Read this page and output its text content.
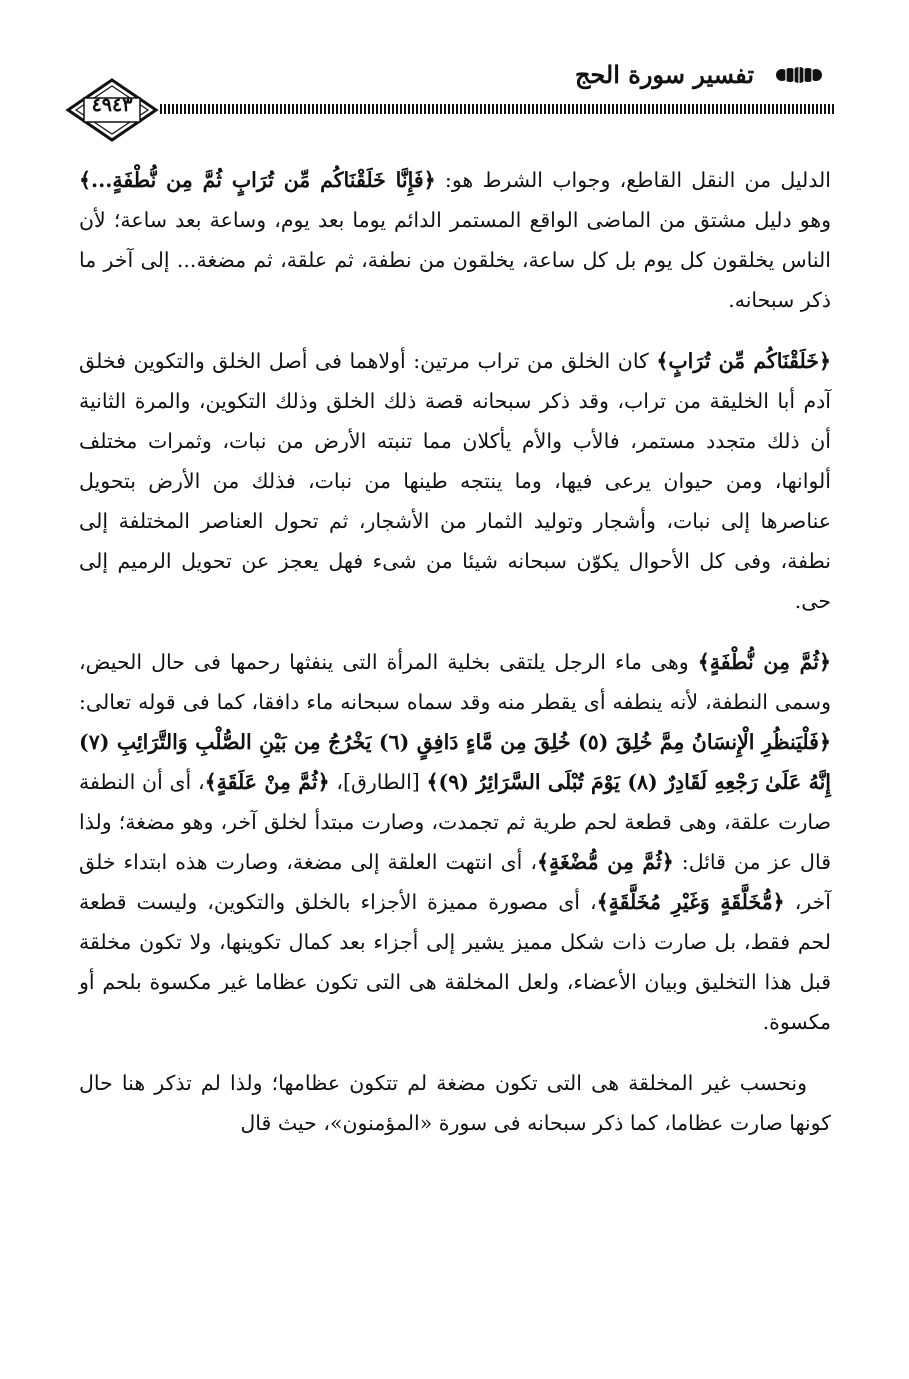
تفسير سورة الحج
٤٩٤٣

الدليل من النقل القاطع، وجواب الشرط هو: ﴿فَإِنَّا خَلَقْنَاكُم مِّن تُرَابٍ ثُمَّ مِن نُّطْفَةٍ...﴾ وهو دليل مشتق من الماضى الواقع المستمر الدائم يوما بعد يوم، وساعة بعد ساعة؛ لأن الناس يخلقون كل يوم بل كل ساعة، يخلقون من نطفة، ثم علقة، ثم مضغة... إلى آخر ما ذكر سبحانه.

﴿خَلَقْنَاكُم مِّن تُرَابٍ﴾ كان الخلق من تراب مرتين: أولاهما فى أصل الخلق والتكوين فخلق آدم أبا الخليقة من تراب، وقد ذكر سبحانه قصة ذلك الخلق وذلك التكوين، والمرة الثانية أن ذلك متجدد مستمر، فالأب والأم يأكلان مما تنبته الأرض من نبات، وثمرات مختلف ألوانها، ومن حيوان يرعى فيها، وما ينتجه طينها من نبات، فذلك من الأرض بتحويل عناصرها إلى نبات، وأشجار وتوليد الثمار من الأشجار، ثم تحول العناصر المختلفة إلى نطفة، وفى كل الأحوال يكوّن سبحانه شيئا من شىء فهل يعجز عن تحويل الرميم إلى حى.

﴿ثُمَّ مِن نُّطْفَةٍ﴾ وهى ماء الرجل يلتقى بخلية المرأة التى ينفثها رحمها فى حال الحيض، وسمى النطفة، لأنه ينطفه أى يقطر منه وقد سماه سبحانه ماء دافقا، كما فى قوله تعالى: ﴿فَلْيَنظُرِ الْإِنسَانُ مِمَّ خُلِقَ (٥) خُلِقَ مِن مَّاءٍ دَافِقٍ (٦) يَخْرُجُ مِن بَيْنِ الصُّلْبِ وَالتَّرَائِبِ (٧) إِنَّهُ عَلَىٰ رَجْعِهِ لَقَادِرٌ (٨) يَوْمَ تُبْلَى السَّرَائِرُ (٩)﴾ [الطارق]، ﴿ثُمَّ مِنْ عَلَقَةٍ﴾، أى أن النطفة صارت علقة، وهى قطعة لحم طرية ثم تجمدت، وصارت مبتدأ لخلق آخر، وهو مضغة؛ ولذا قال عز من قائل: ﴿ثُمَّ مِن مُّضْغَةٍ﴾، أى انتهت العلقة إلى مضغة، وصارت هذه ابتداء خلق آخر، ﴿مُّخَلَّقَةٍ وَغَيْرِ مُخَلَّقَةٍ﴾، أى مصورة مميزة الأجزاء بالخلق والتكوين، وليست قطعة لحم فقط، بل صارت ذات شكل مميز يشير إلى أجزاء بعد كمال تكوينها، ولا تكون مخلقة قبل هذا التخليق وبيان الأعضاء، ولعل المخلقة هى التى تكون عظاما غير مكسوة بلحم أو مكسوة.

ونحسب غير المخلقة هى التى تكون مضغة لم تتكون عظامها؛ ولذا لم تذكر هنا حال كونها صارت عظاما، كما ذكر سبحانه فى سورة «المؤمنون»، حيث قال
